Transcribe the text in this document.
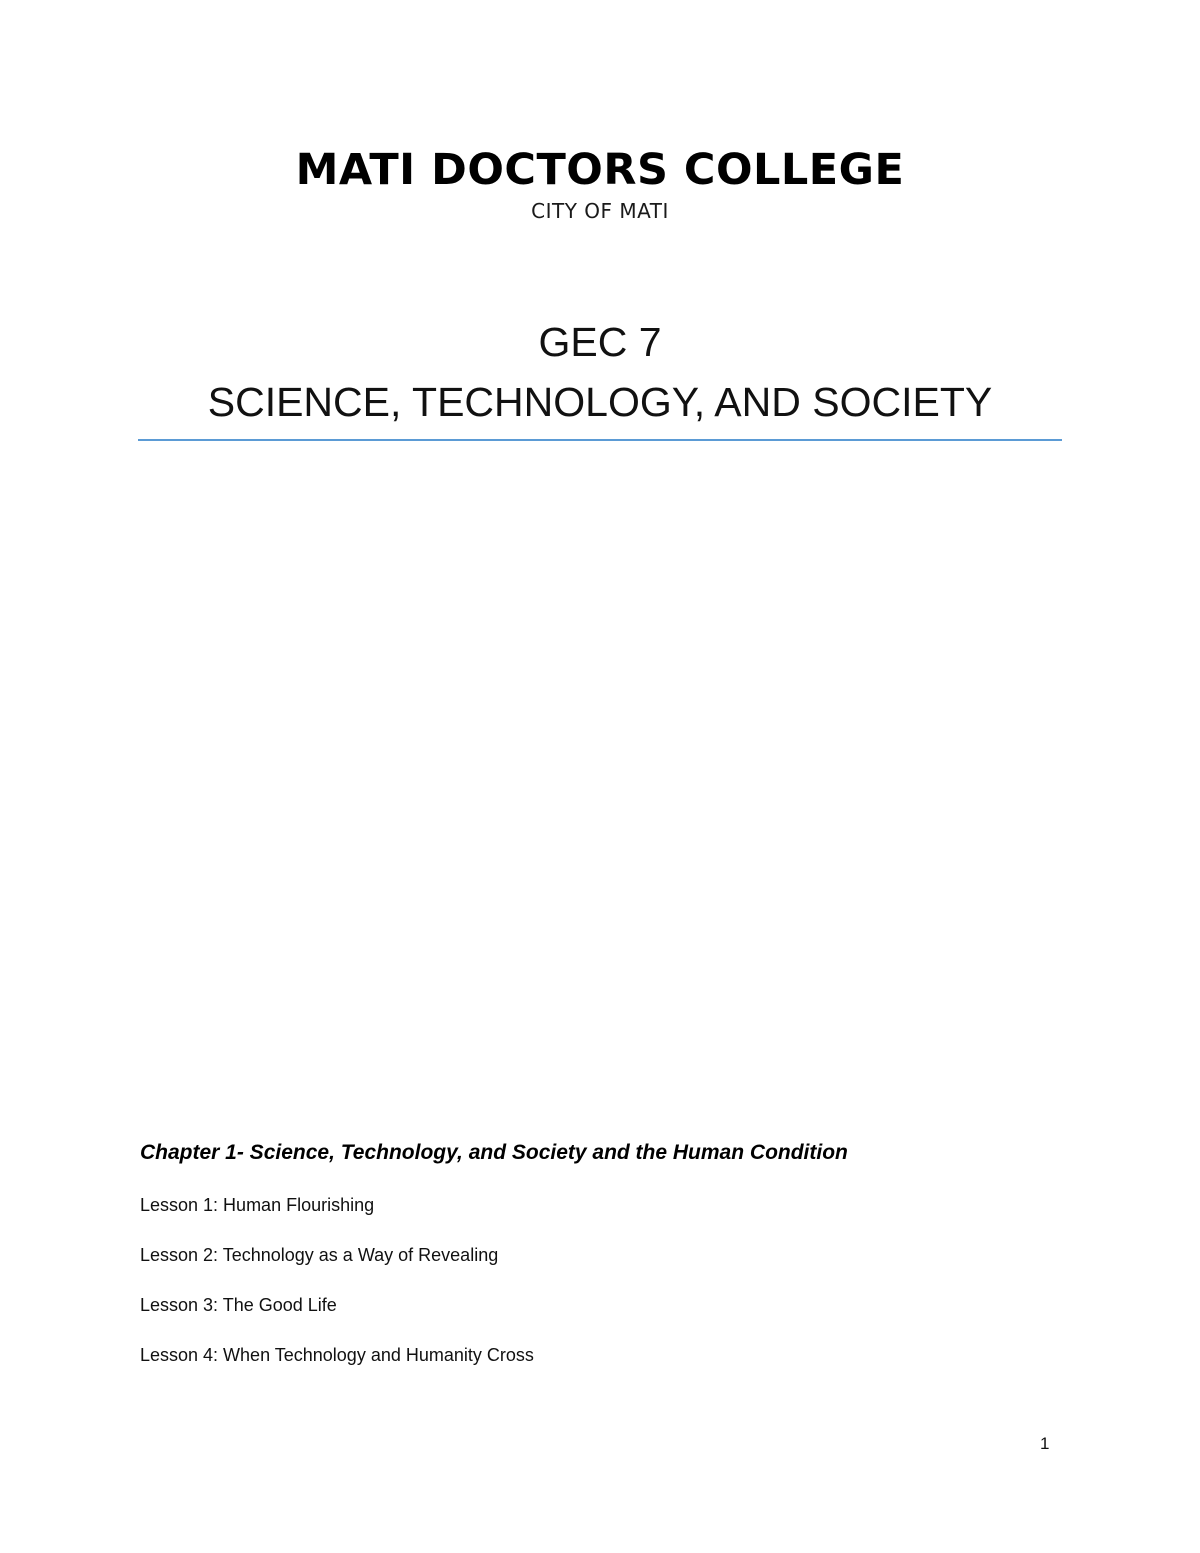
MATI DOCTORS COLLEGE
CITY OF MATI
GEC 7
SCIENCE, TECHNOLOGY, AND SOCIETY
Chapter 1- Science, Technology, and Society and the Human Condition
Lesson 1: Human Flourishing
Lesson 2: Technology as a Way of Revealing
Lesson 3: The Good Life
Lesson 4: When Technology and Humanity Cross
1
